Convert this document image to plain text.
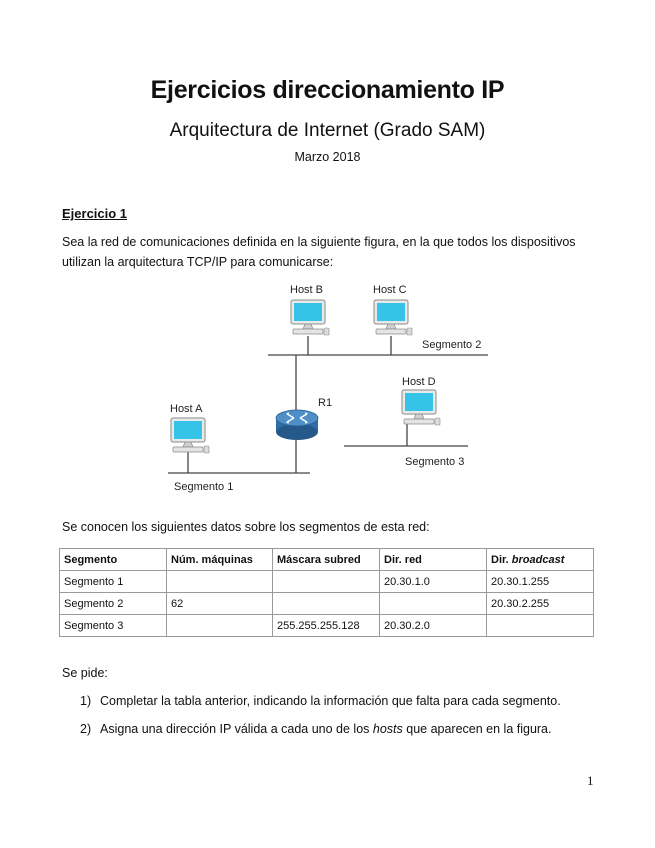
Ejercicios direccionamiento IP
Arquitectura de Internet (Grado SAM)
Marzo 2018
Ejercicio 1
Sea la red de comunicaciones definida en la siguiente figura, en la que todos los dispositivos utilizan la arquitectura TCP/IP para comunicarse:
Host B	Host C
Host D
Host A	R1
Segmento 2
Segmento 3
Segmento 1
Se conocen los siguientes datos sobre los segmentos de esta red:
Segmento	Núm. máquinas	Máscara subred	Dir. red	Dir. broadcast
Segmento 1			20.30.1.0	20.30.1.255
Segmento 2	62			20.30.2.255
Segmento 3		255.255.255.128	20.30.2.0	
Se pide:
1) Completar la tabla anterior, indicando la información que falta para cada segmento.
2) Asigna una dirección IP válida a cada uno de los hosts que aparecen en la figura.
1
